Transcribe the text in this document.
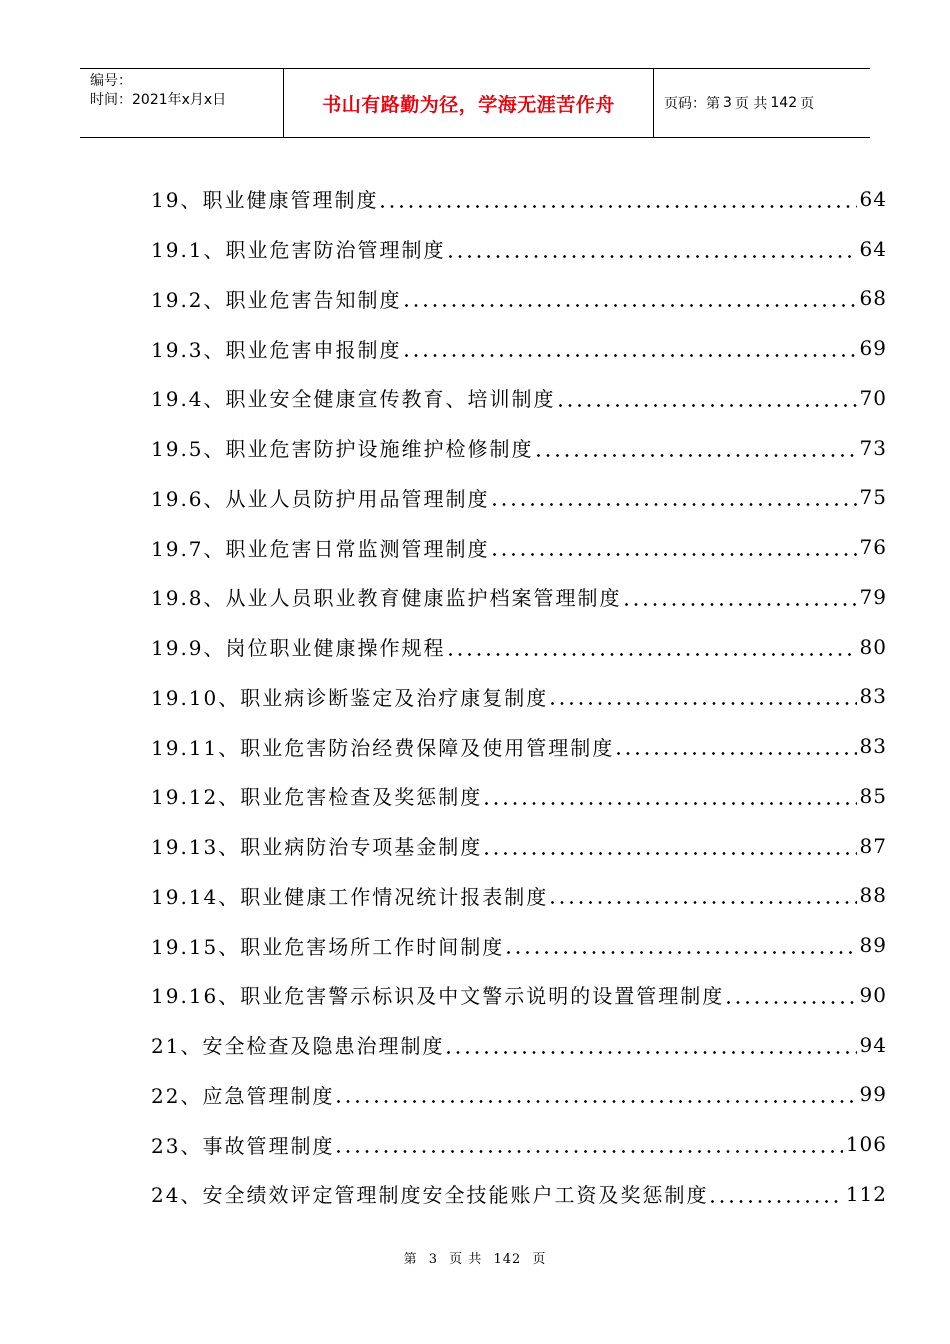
编号：
时间：2021年x月x日	书山有路勤为径，学海无涯苦作舟	页码：第 3 页 共 142 页
19、职业健康管理制度	64
19.1、职业危害防治管理制度	64
19.2、职业危害告知制度	68
19.3、职业危害申报制度	69
19.4、职业安全健康宣传教育、培训制度	70
19.5、职业危害防护设施维护检修制度	73
19.6、从业人员防护用品管理制度	75
19.7、职业危害日常监测管理制度	76
19.8、从业人员职业教育健康监护档案管理制度	79
19.9、岗位职业健康操作规程	80
19.10、职业病诊断鉴定及治疗康复制度	83
19.11、职业危害防治经费保障及使用管理制度	83
19.12、职业危害检查及奖惩制度	85
19.13、职业病防治专项基金制度	87
19.14、职业健康工作情况统计报表制度	88
19.15、职业危害场所工作时间制度	89
19.16、职业危害警示标识及中文警示说明的设置管理制度	90
21、安全检查及隐患治理制度	94
22、应急管理制度	99
23、事故管理制度	106
24、安全绩效评定管理制度安全技能账户工资及奖惩制度	112
第 3 页 共 142 页
